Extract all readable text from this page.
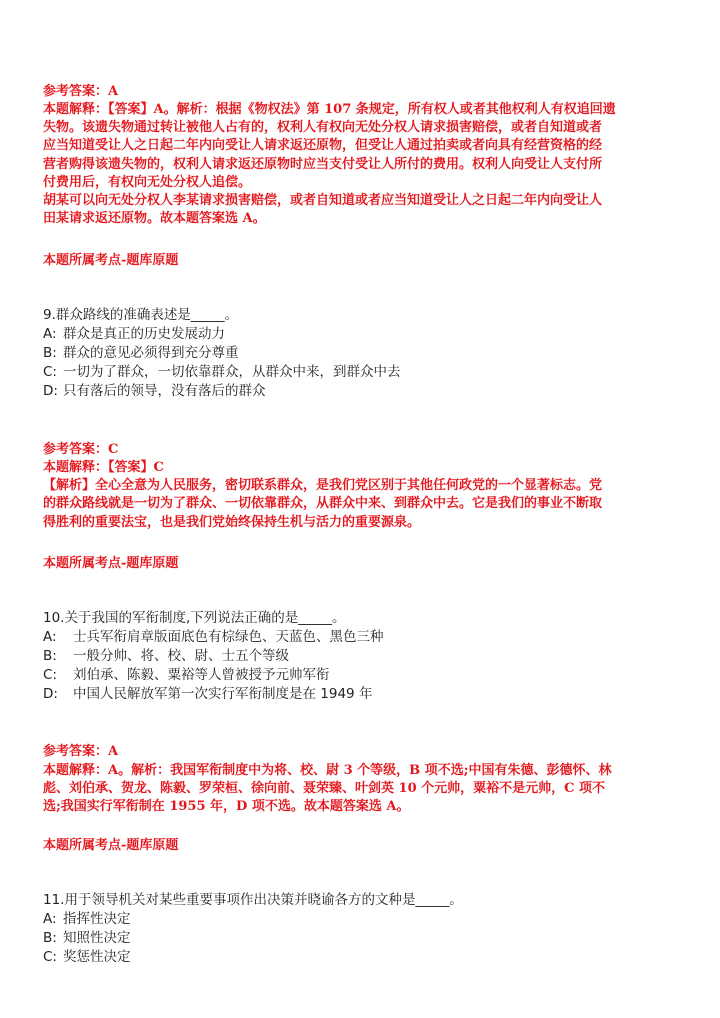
参考答案：A

本题解释：【答案】A。解析：根据《物权法》第 107 条规定，所有权人或者其他权利人有权追回遗

失物。该遗失物通过转让被他人占有的，权利人有权向无处分权人请求损害赔偿，或者自知道或者

应当知道受让人之日起二年内向受让人请求返还原物，但受让人通过拍卖或者向具有经营资格的经

营者购得该遗失物的，权利人请求返还原物时应当支付受让人所付的费用。权利人向受让人支付所

付费用后，有权向无处分权人追偿。

胡某可以向无处分权人李某请求损害赔偿，或者自知道或者应当知道受让人之日起二年内向受让人

田某请求返还原物。故本题答案选 A。

本题所属考点-题库原题

9.群众路线的准确表述是_____。

A: 群众是真正的历史发展动力

B: 群众的意见必须得到充分尊重

C: 一切为了群众，一切依靠群众，从群众中来，到群众中去

D: 只有落后的领导，没有落后的群众

参考答案：C

本题解释：【答案】C

【解析】全心全意为人民服务，密切联系群众，是我们党区别于其他任何政党的一个显著标志。党

的群众路线就是一切为了群众、一切依靠群众，从群众中来、到群众中去。它是我们的事业不断取

得胜利的重要法宝，也是我们党始终保持生机与活力的重要源泉。

本题所属考点-题库原题

10.关于我国的军衔制度,下列说法正确的是_____。

A: 士兵军衔肩章版面底色有棕绿色、天蓝色、黑色三种

B: 一般分帅、将、校、尉、士五个等级

C: 刘伯承、陈毅、粟裕等人曾被授予元帅军衔

D: 中国人民解放军第一次实行军衔制度是在 1949 年

参考答案：A

本题解释：A。解析：我国军衔制度中为将、校、尉 3 个等级，B 项不选;中国有朱德、彭德怀、林

彪、刘伯承、贺龙、陈毅、罗荣桓、徐向前、聂荣臻、叶剑英 10 个元帅，粟裕不是元帅，C 项不

选;我国实行军衔制在 1955 年，D 项不选。故本题答案选 A。

本题所属考点-题库原题

11.用于领导机关对某些重要事项作出决策并晓谕各方的文种是_____。

A: 指挥性决定

B: 知照性决定

C: 奖惩性决定
